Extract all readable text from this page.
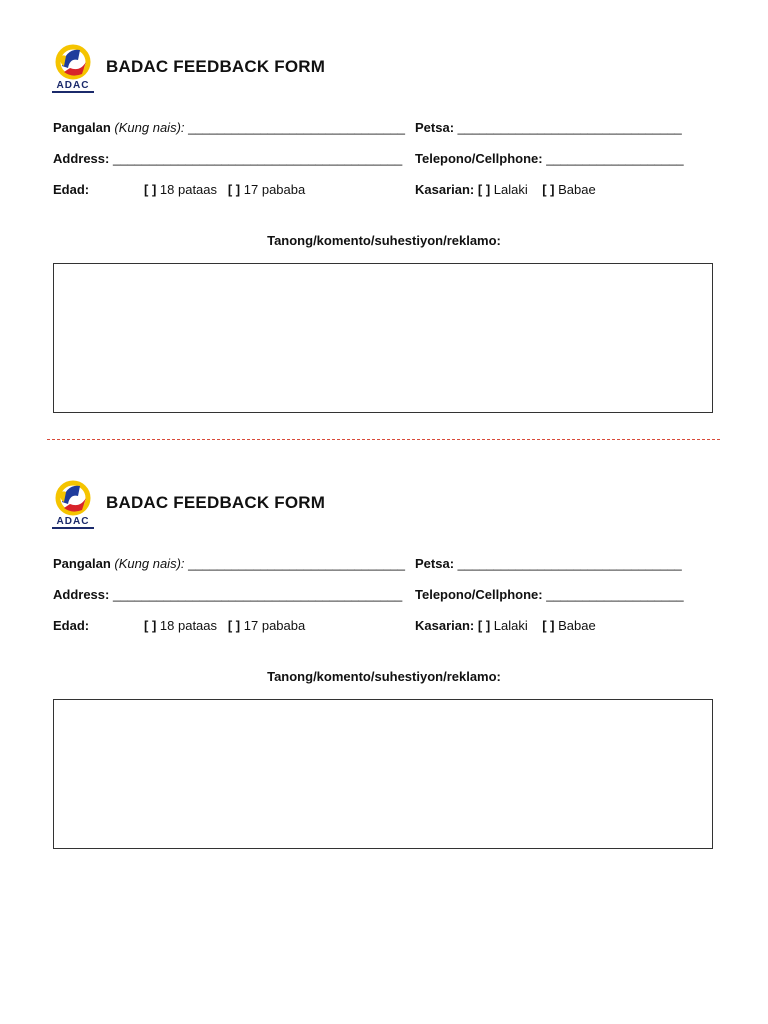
ADAC
BADAC FEEDBACK FORM
Pangalan (Kung nais): ______________________________ Petsa: _______________________________
Address: ________________________________________ Telepono/Cellphone: ___________________
Edad:	[ ] 18 pataas [ ] 17 pababa	Kasarian: [ ] Lalaki [ ] Babae
Tanong/komento/suhestiyon/reklamo:
ADAC
BADAC FEEDBACK FORM
Pangalan (Kung nais): ______________________________ Petsa: _______________________________
Address: ________________________________________ Telepono/Cellphone: ___________________
Edad:	[ ] 18 pataas [ ] 17 pababa	Kasarian: [ ] Lalaki [ ] Babae
Tanong/komento/suhestiyon/reklamo:
